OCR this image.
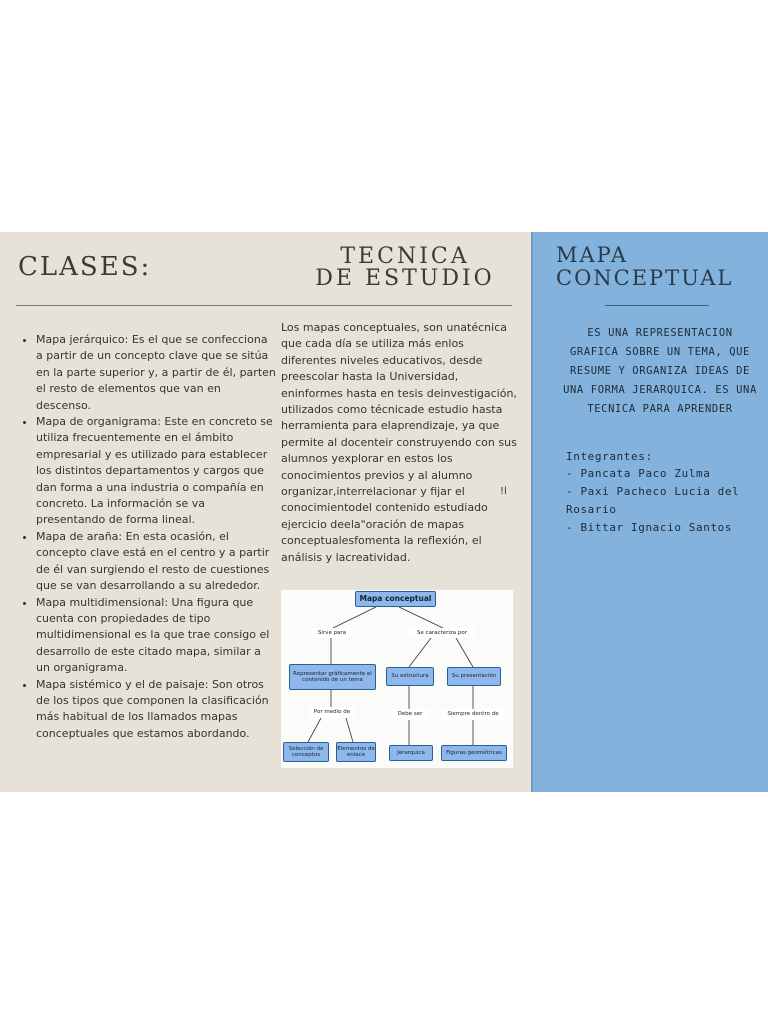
CLASES:	TECNICA
DE ESTUDIO
• Mapa jerárquico: Es el que se confecciona a partir de un concepto clave que se sitúa en la parte superior y, a partir de él, parten el resto de elementos que van en descenso.
• Mapa de organigrama: Este en concreto se utiliza frecuentemente en el ámbito empresarial y es utilizado para establecer los distintos departamentos y cargos que dan forma a una industria o compañía en concreto. La información se va presentando de forma lineal.
• Mapa de araña: En esta ocasión, el concepto clave está en el centro y a partir de él van surgiendo el resto de cuestiones que se van desarrollando a su alrededor.
• Mapa multidimensional: Una figura que cuenta con propiedades de tipo multidimensional es la que trae consigo el desarrollo de este citado mapa, similar a un organigrama.
• Mapa sistémico y el de paisaje: Son otros de los tipos que componen la clasificación más habitual de los llamados mapas conceptuales que estamos abordando.

Los mapas conceptuales, son unatécnica que cada día se utiliza más enlos diferentes niveles educativos, desde preescolar hasta la Universidad, eninformes hasta en tesis deinvestigación, utilizados como técnicade estudio hasta herramienta para elaprendizaje, ya que permite al docenteir construyendo con sus alumnos yexplorar en estos los conocimientos previos y al alumno organizar,interrelacionar y fijar el conocimientodel contenido estudiado ejercicio deela"oración de mapas conceptualesfomenta la reflexión, el análisis y lacreatividad.

!l
Mapa conceptual
Sirve para	Se caracteriza por
Representar gráficamente el contenido de un tema
Su estructura	Su presentación
Por medio de	Debe ser	Siempre dentro de
Selección de conceptos
Elementos de enlace	Jerarquica	Figuras geométricas
MAPA
CONCEPTUAL

ES UNA REPRESENTACION GRAFICA SOBRE UN TEMA, QUE RESUME Y ORGANIZA IDEAS DE UNA FORMA JERARQUICA. ES UNA
TECNICA PARA APRENDER

Integrantes:
- Pancata Paco Zulma
- Paxi Pacheco Lucia del Rosario
- Bittar Ignacio Santos
